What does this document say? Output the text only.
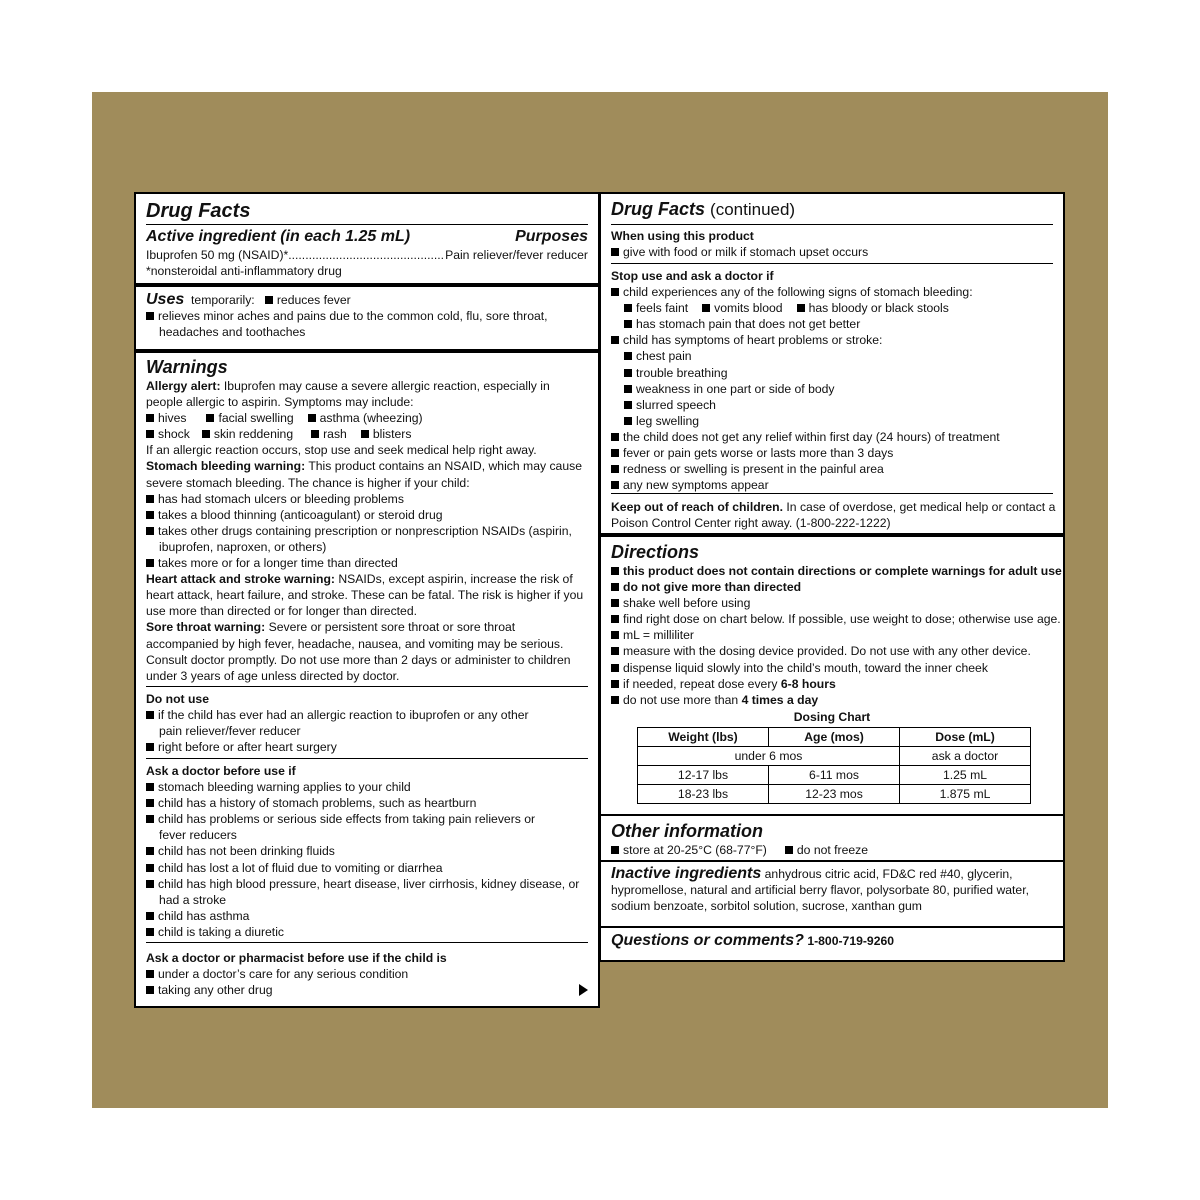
Drug Facts
Active ingredient (in each 1.25 mL)	Purposes
Ibuprofen 50 mg (NSAID)* .............................................. Pain reliever/fever reducer
*nonsteroidal anti-inflammatory drug
Uses temporarily: reduces fever
relieves minor aches and pains due to the common cold, flu, sore throat,
headaches and toothaches
Warnings
Allergy alert: Ibuprofen may cause a severe allergic reaction, especially in
people allergic to aspirin. Symptoms may include:
hives	facial swelling asthma (wheezing)
shock skin reddening rash blisters
If an allergic reaction occurs, stop use and seek medical help right away.
Stomach bleeding warning: This product contains an NSAID, which may cause
severe stomach bleeding. The chance is higher if your child:
has had stomach ulcers or bleeding problems
takes a blood thinning (anticoagulant) or steroid drug
takes other drugs containing prescription or nonprescription NSAIDs (aspirin,
ibuprofen, naproxen, or others)
takes more or for a longer time than directed
Heart attack and stroke warning: NSAIDs, except aspirin, increase the risk of
heart attack, heart failure, and stroke. These can be fatal. The risk is higher if you
use more than directed or for longer than directed.
Sore throat warning: Severe or persistent sore throat or sore throat
accompanied by high fever, headache, nausea, and vomiting may be serious.
Consult doctor promptly. Do not use more than 2 days or administer to children
under 3 years of age unless directed by doctor.
Do not use
if the child has ever had an allergic reaction to ibuprofen or any other
pain reliever/fever reducer
right before or after heart surgery
Ask a doctor before use if
stomach bleeding warning applies to your child
child has a history of stomach problems, such as heartburn
child has problems or serious side effects from taking pain relievers or
fever reducers
child has not been drinking fluids
child has lost a lot of fluid due to vomiting or diarrhea
child has high blood pressure, heart disease, liver cirrhosis, kidney disease, or
had a stroke
child has asthma
child is taking a diuretic
Ask a doctor or pharmacist before use if the child is
under a doctor’s care for any serious condition
taking any other drug
Drug Facts (continued)
When using this product
give with food or milk if stomach upset occurs
Stop use and ask a doctor if
child experiences any of the following signs of stomach bleeding:
feels faint vomits blood has bloody or black stools
has stomach pain that does not get better
child has symptoms of heart problems or stroke:
chest pain
trouble breathing
weakness in one part or side of body
slurred speech
leg swelling
the child does not get any relief within first day (24 hours) of treatment
fever or pain gets worse or lasts more than 3 days
redness or swelling is present in the painful area
any new symptoms appear
Keep out of reach of children. In case of overdose, get medical help or contact a
Poison Control Center right away. (1-800-222-1222)
Directions
this product does not contain directions or complete warnings for adult use
do not give more than directed
shake well before using
find right dose on chart below. If possible, use weight to dose; otherwise use age.
mL = milliliter
measure with the dosing device provided. Do not use with any other device.
dispense liquid slowly into the child’s mouth, toward the inner cheek
if needed, repeat dose every 6-8 hours
do not use more than 4 times a day
Dosing Chart
Weight (lbs)	Age (mos)	Dose (mL)
under 6 mos		ask a doctor
12-17 lbs	6-11 mos	1.25 mL
18-23 lbs	12-23 mos	1.875 mL
Other information
store at 20-25°C (68-77°F) do not freeze
Inactive ingredients anhydrous citric acid, FD&C red #40, glycerin,
hypromellose, natural and artificial berry flavor, polysorbate 80, purified water,
sodium benzoate, sorbitol solution, sucrose, xanthan gum
Questions or comments? 1-800-719-9260
